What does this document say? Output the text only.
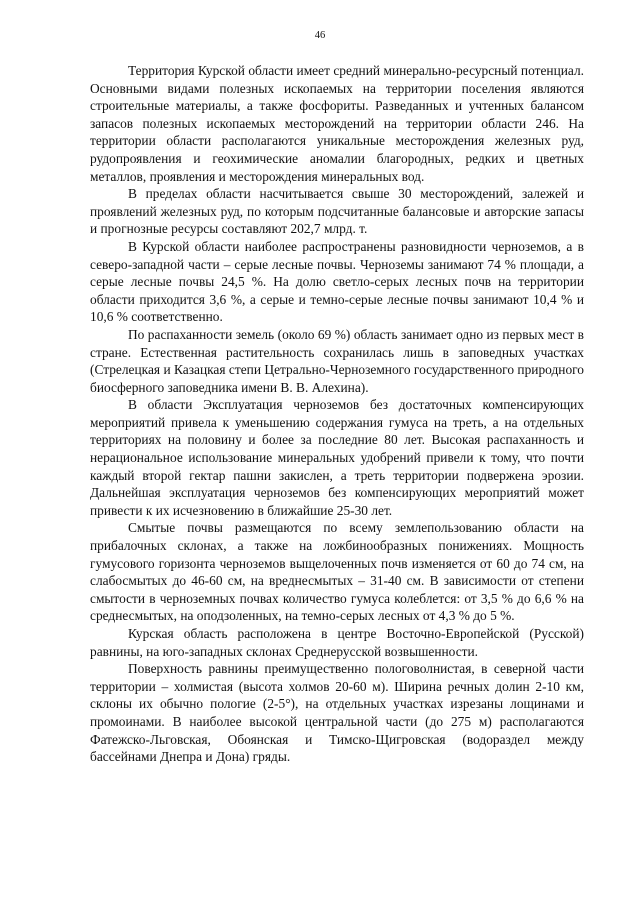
46

Территория Курской области имеет средний минерально-ресурсный потенциал. Основными видами полезных ископаемых на территории поселения являются строительные материалы, а также фосфориты. Разведанных и учтенных балансом запасов полезных ископаемых месторождений на территории области 246. На территории области располагаются уникальные месторождения железных руд, рудопроявления и геохимические аномалии благородных, редких и цветных металлов, проявления и месторождения минеральных вод.

В пределах области насчитывается свыше 30 месторождений, залежей и проявлений железных руд, по которым подсчитанные балансовые и авторские запасы и прогнозные ресурсы составляют 202,7 млрд. т.

В Курской области наиболее распространены разновидности черноземов, а в северо-западной части – серые лесные почвы. Черноземы занимают 74 % площади, а серые лесные почвы 24,5 %. На долю светло-серых лесных почв на территории области приходится 3,6 %, а серые и темно-серые лесные почвы занимают 10,4 % и 10,6 % соответственно.

По распаханности земель (около 69 %) область занимает одно из первых мест в стране. Естественная растительность сохранилась лишь в заповедных участках (Стрелецкая и Казацкая степи Цетрально-Черноземного государственного природного биосферного заповедника имени В. В. Алехина).

В области Эксплуатация черноземов без достаточных компенсирующих мероприятий привела к уменьшению содержания гумуса на треть, а на отдельных территориях на половину и более за последние 80 лет. Высокая распаханность и нерациональное использование минеральных удобрений привели к тому, что почти каждый второй гектар пашни закислен, а треть территории подвержена эрозии. Дальнейшая эксплуатация черноземов без компенсирующих мероприятий может привести к их исчезновению в ближайшие 25-30 лет.

Смытые почвы размещаются по всему землепользованию области на прибалочных склонах, а также на ложбинообразных понижениях. Мощность гумусового горизонта черноземов выщелоченных почв изменяется от 60 до 74 см, на слабосмытых до 46-60 см, на вреднесмытых – 31-40 см. В зависимости от степени смытости в черноземных почвах количество гумуса колеблется: от 3,5 % до 6,6 % на среднесмытых, на оподзоленных, на темно-серых лесных от 4,3 % до 5 %.

Курская область расположена в центре Восточно-Европейской (Русской) равнины, на юго-западных склонах Среднерусской возвышенности.

Поверхность равнины преимущественно пологоволнистая, в северной части территории – холмистая (высота холмов 20-60 м). Ширина речных долин 2-10 км, склоны их обычно пологие (2-5°), на отдельных участках изрезаны лощинами и промоинами. В наиболее высокой центральной части (до 275 м) располагаются Фатежско-Льговская, Обоянская и Тимско-Щигровская (водораздел между бассейнами Днепра и Дона) гряды.
